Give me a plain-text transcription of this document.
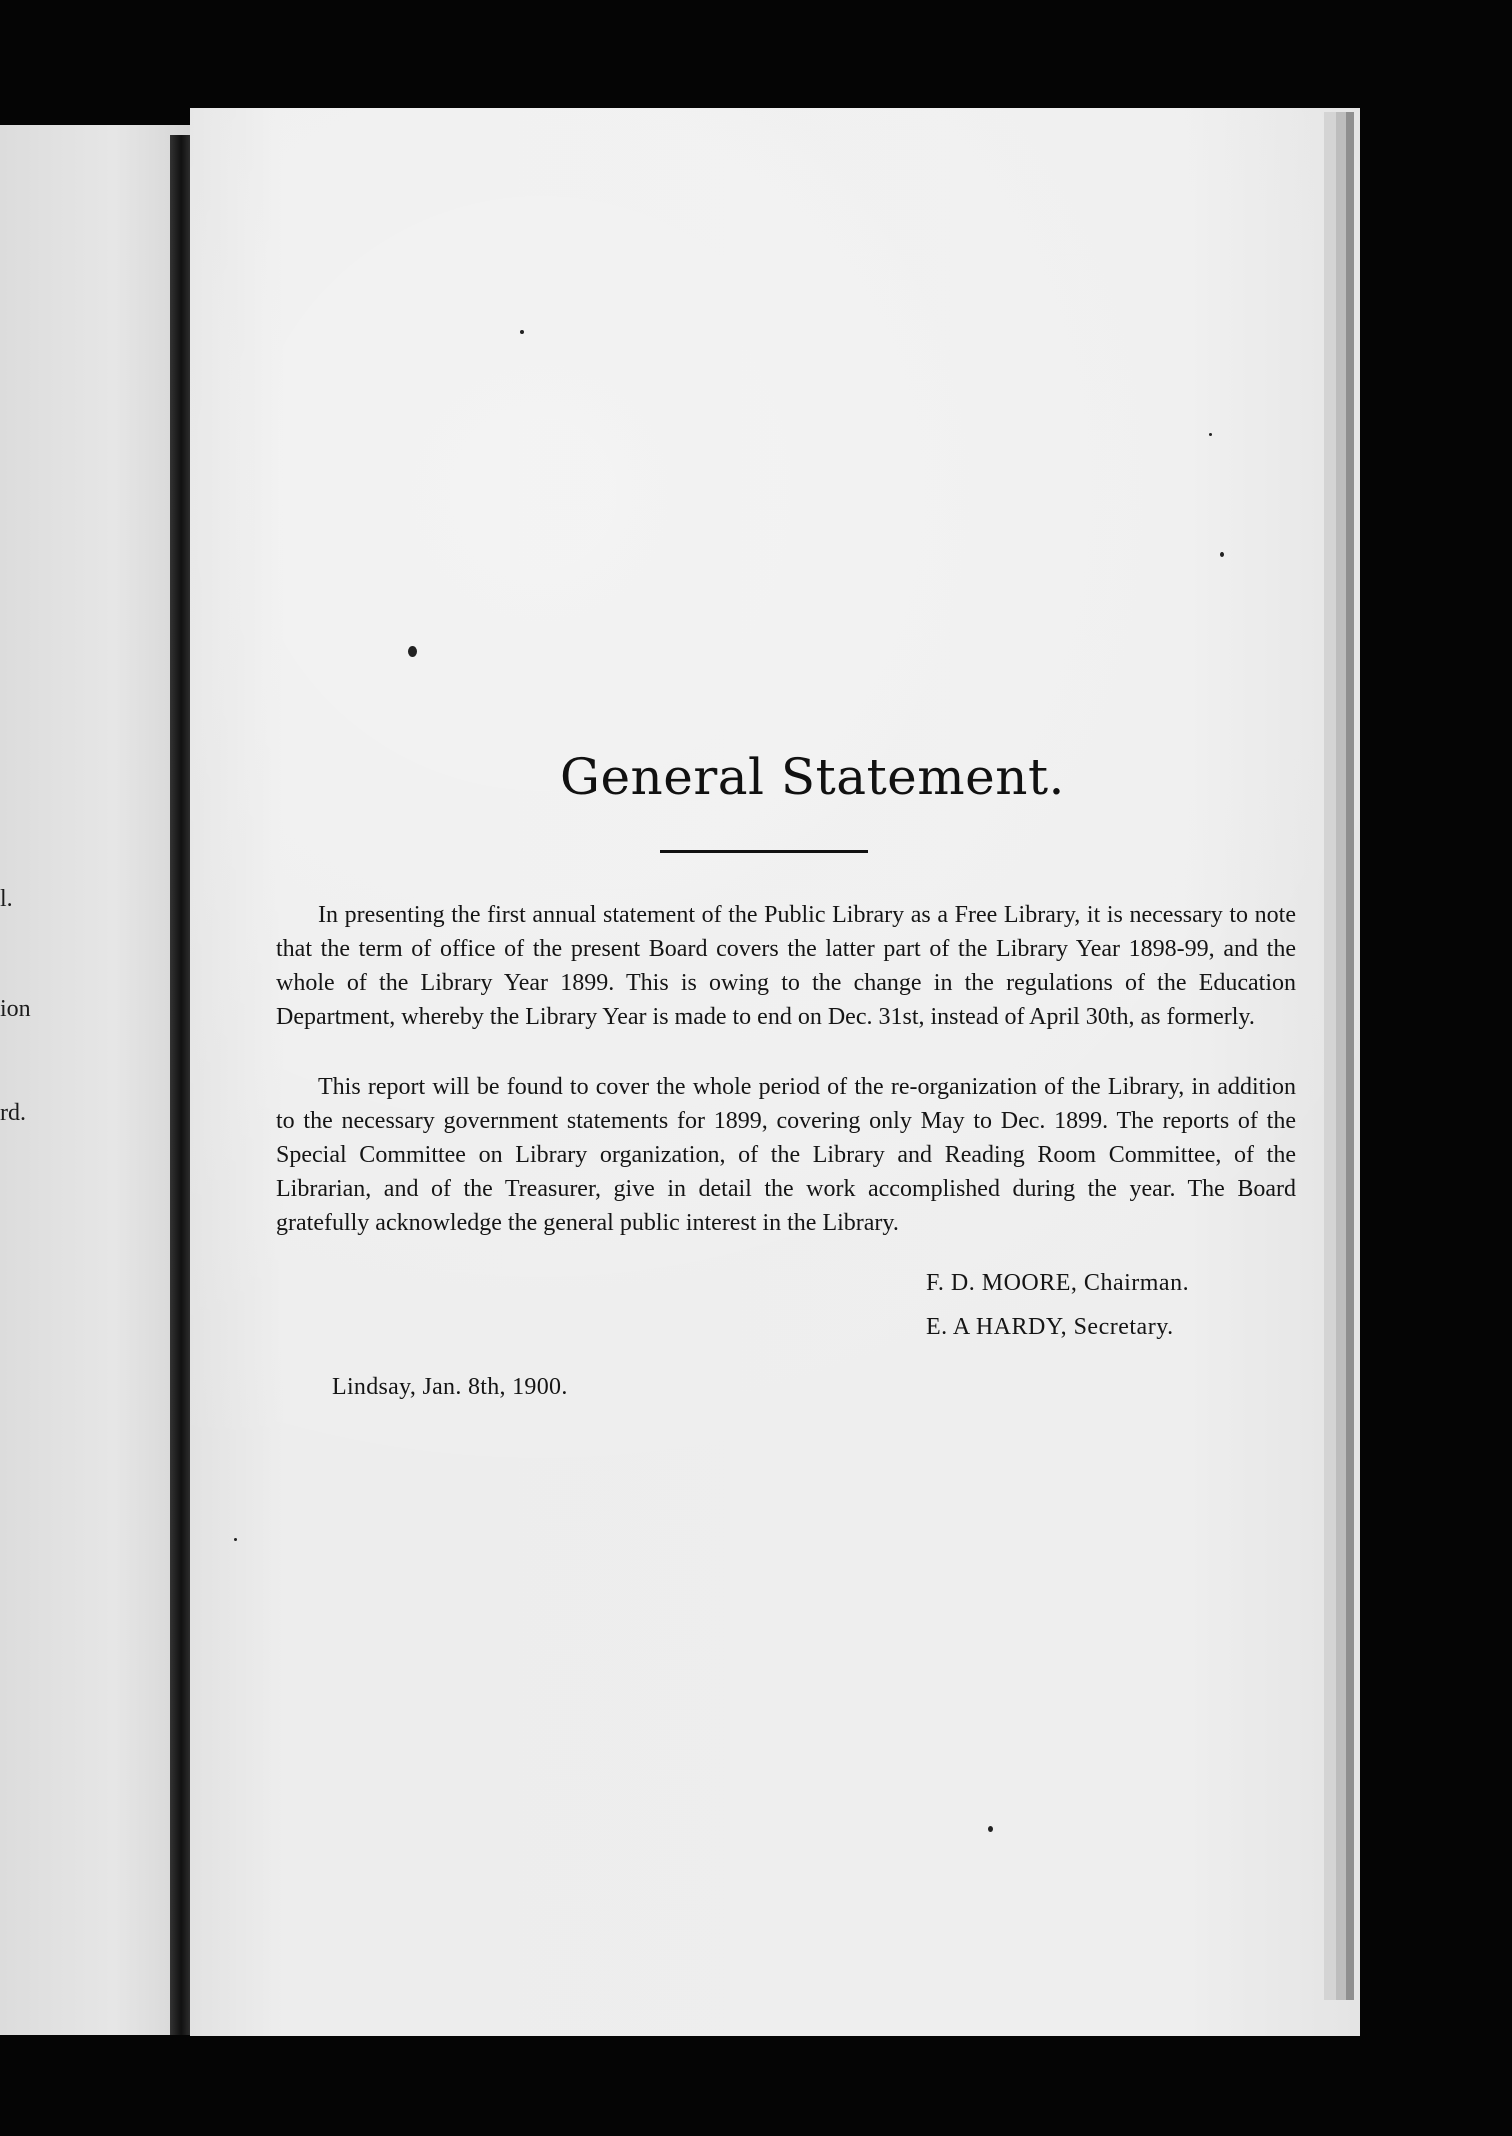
l.
ion
rd.
General Statement.

In presenting the first annual statement of the Public Library as a Free Library, it is necessary to note that the term of office of the present Board covers the latter part of the Library Year 1898-99, and the whole of the Library Year 1899. This is owing to the change in the regulations of the Education Department, whereby the Library Year is made to end on Dec. 31st, instead of April 30th, as formerly.

This report will be found to cover the whole period of the re-organization of the Library, in addition to the necessary government statements for 1899, covering only May to Dec. 1899. The reports of the Special Committee on Library organization, of the Library and Reading Room Committee, of the Librarian, and of the Treasurer, give in detail the work accomplished during the year. The Board gratefully acknowledge the general public interest in the Library.

F. D. MOORE, Chairman.
E. A HARDY, Secretary.
Lindsay, Jan. 8th, 1900.
